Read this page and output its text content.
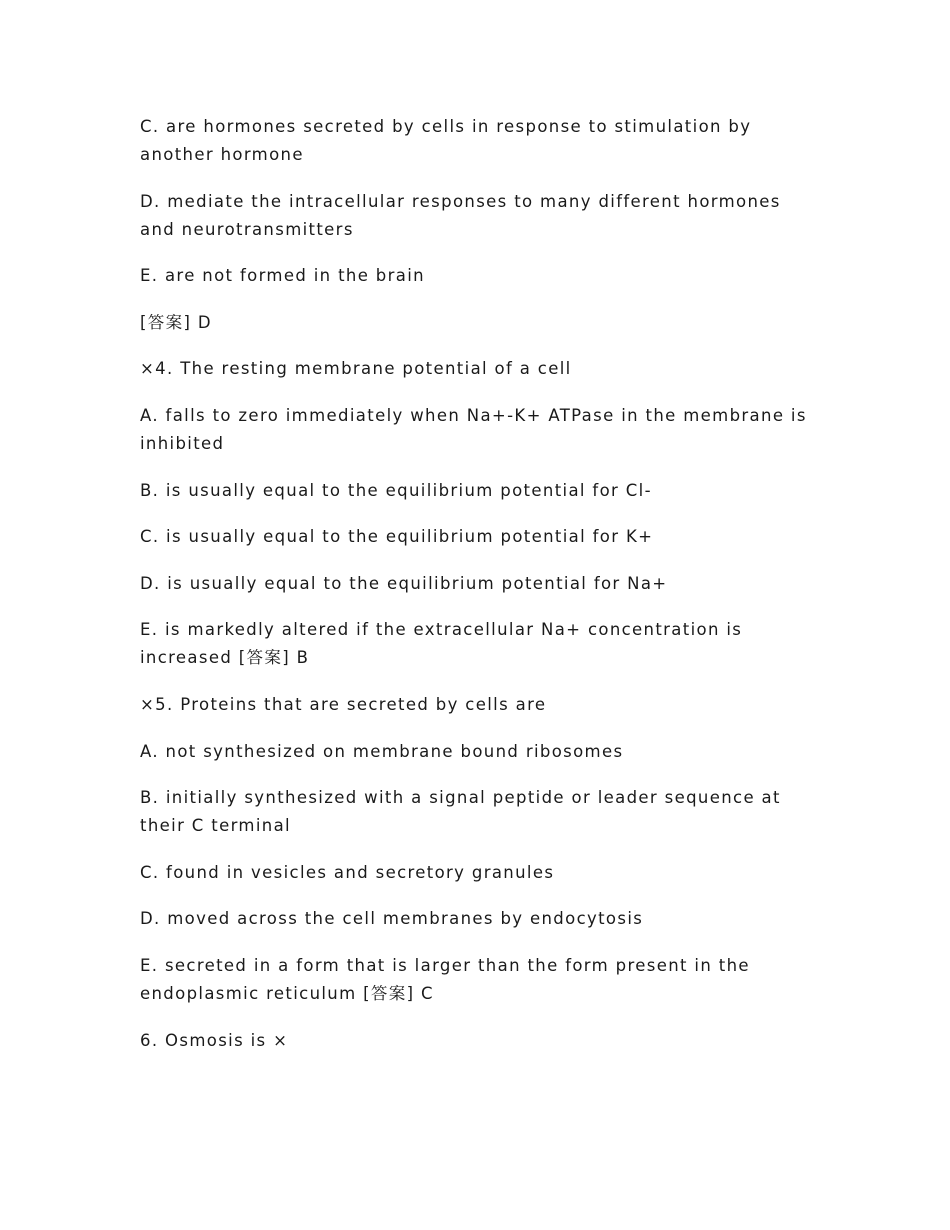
C. are hormones secreted by cells in response to stimulation by another hormone

D. mediate the intracellular responses to many different hormones and neurotransmitters

E. are not formed in the brain

[答案] D

×4. The resting membrane potential of a cell

A. falls to zero immediately when Na+-K+ ATPase in the membrane is inhibited

B. is usually equal to the equilibrium potential for Cl-

C. is usually equal to the equilibrium potential for K+

D. is usually equal to the equilibrium potential for Na+

E. is markedly altered if the extracellular Na+ concentration is increased [答案] B

×5. Proteins that are secreted by cells are

A. not synthesized on membrane bound ribosomes

B. initially synthesized with a signal peptide or leader sequence at their C terminal

C. found in vesicles and secretory granules

D. moved across the cell membranes by endocytosis

E. secreted in a form that is larger than the form present in the endoplasmic reticulum [答案] C

6. Osmosis is ×
